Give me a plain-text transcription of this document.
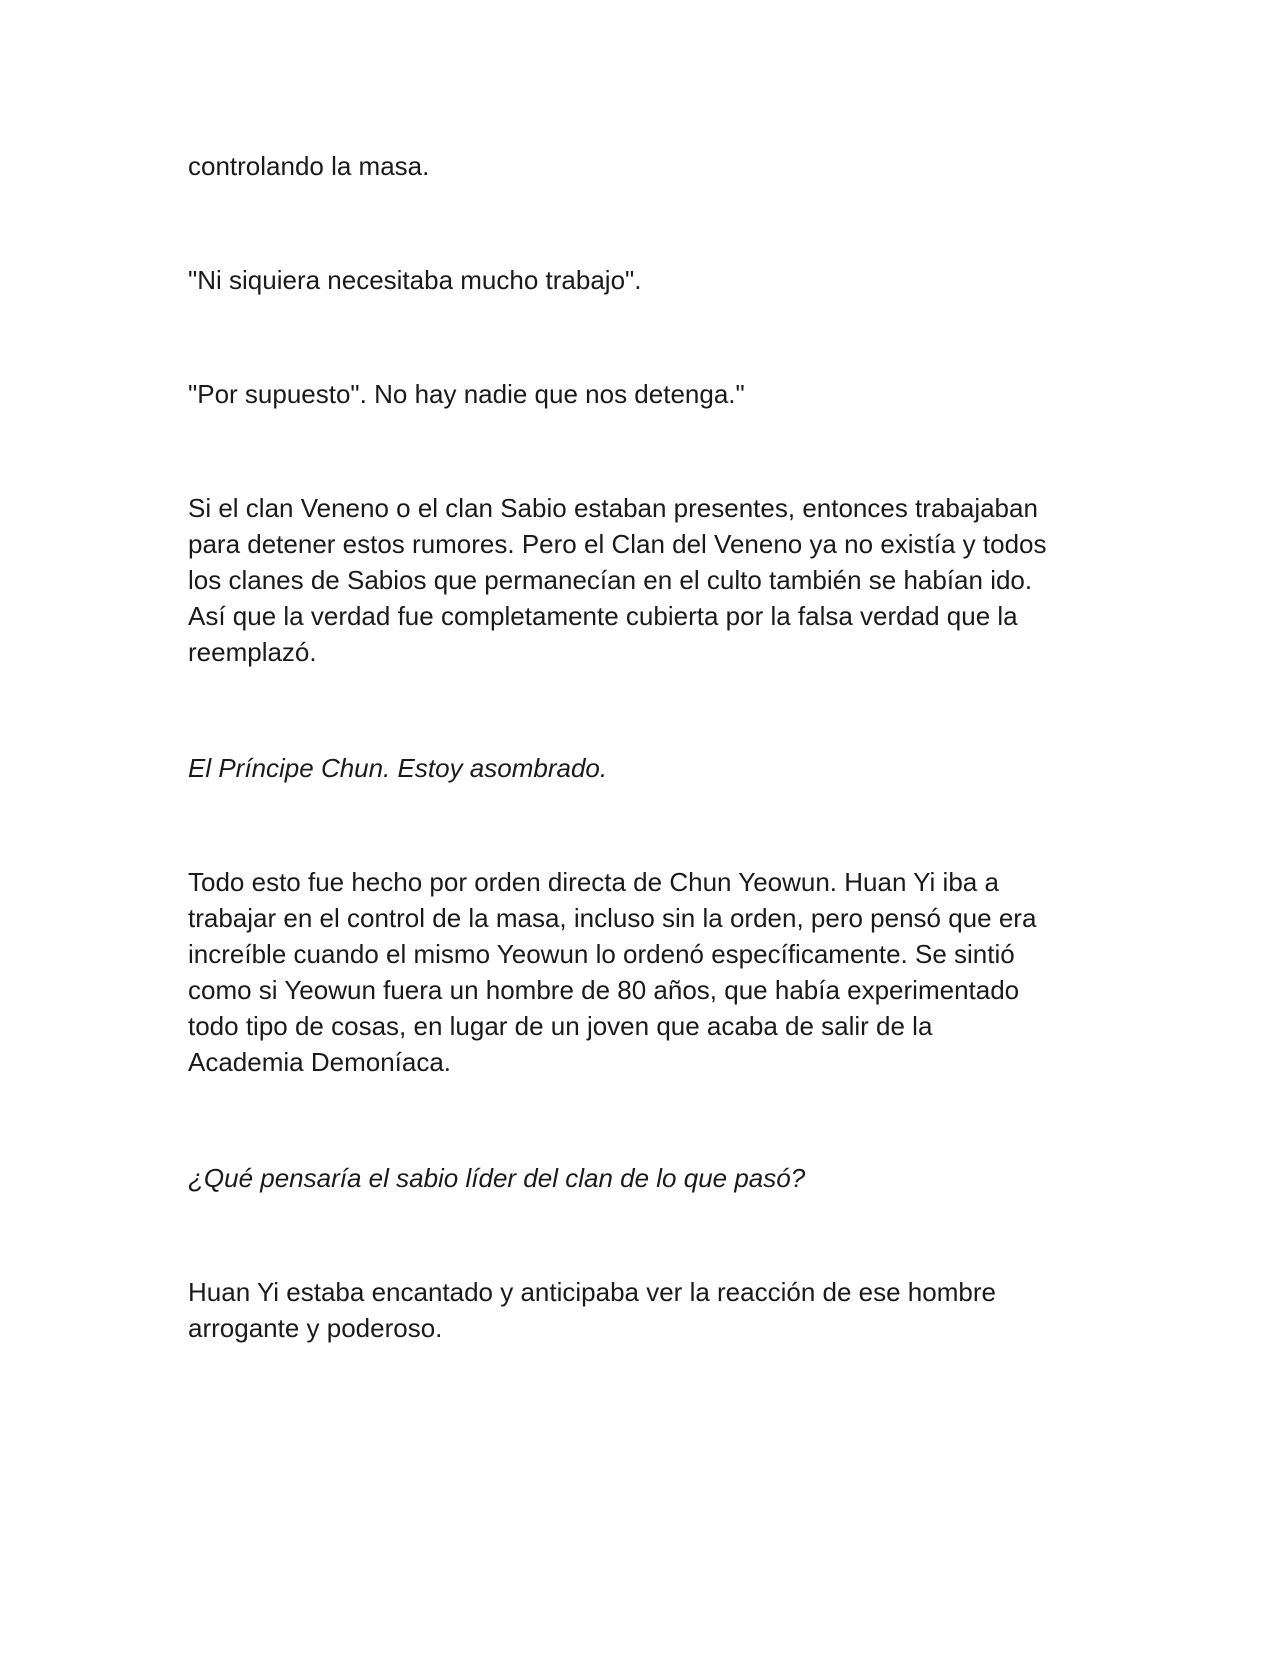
controlando la masa.

"Ni siquiera necesitaba mucho trabajo".

"Por supuesto". No hay nadie que nos detenga."

Si el clan Veneno o el clan Sabio estaban presentes, entonces trabajaban
para detener estos rumores. Pero el Clan del Veneno ya no existía y todos
los clanes de Sabios que permanecían en el culto también se habían ido.
Así que la verdad fue completamente cubierta por la falsa verdad que la
reemplazó.

El Príncipe Chun. Estoy asombrado.

Todo esto fue hecho por orden directa de Chun Yeowun. Huan Yi iba a
trabajar en el control de la masa, incluso sin la orden, pero pensó que era
increíble cuando el mismo Yeowun lo ordenó específicamente. Se sintió
como si Yeowun fuera un hombre de 80 años, que había experimentado
todo tipo de cosas, en lugar de un joven que acaba de salir de la
Academia Demoníaca.

¿Qué pensaría el sabio líder del clan de lo que pasó?

Huan Yi estaba encantado y anticipaba ver la reacción de ese hombre
arrogante y poderoso.
